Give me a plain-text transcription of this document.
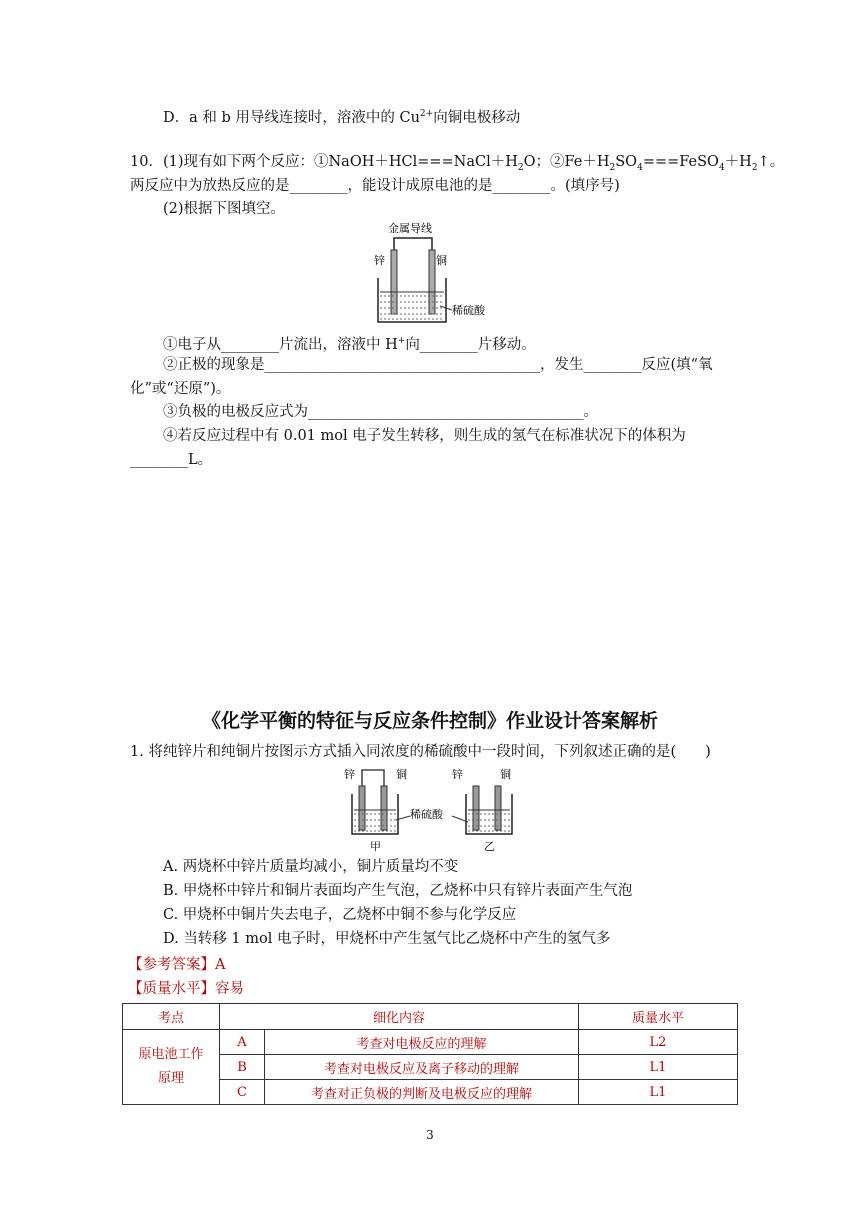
D．a 和 b 用导线连接时，溶液中的 $Cu^{2+}$向铜电极移动
10．(1)现有如下两个反应：$①NaOH+HCl===NaCl+H_2O$；$②Fe+H_2SO_4===FeSO_4+H_2↑$。
两反应中为放热反应的是________，能设计成原电池的是________。(填序号)
(2)根据下图填空。
金属导线
锌	铜
稀硫酸
①电子从________片流出，溶液中 H+向________片移动。
②正极的现象是______________________________________，发生________反应(填“氧
化”或“还原”)。
③负极的电极反应式为______________________________________。
④若反应过程中有 0.01 mol 电子发生转移，则生成的氢气在标准状况下的体积为
________L。
《化学平衡的特征与反应条件控制》作业设计答案解析
1. 将纯锌片和纯铜片按图示方式插入同浓度的稀硫酸中一段时间，下列叙述正确的是(　　)
锌	铜
稀硫酸
锌	铜
甲	乙
A. 两烧杯中锌片质量均减小，铜片质量均不变
B. 甲烧杯中锌片和铜片表面均产生气泡，乙烧杯中只有锌片表面产生气泡
C. 甲烧杯中铜片失去电子，乙烧杯中铜不参与化学反应
D. 当转移 1 mol 电子时，甲烧杯中产生氢气比乙烧杯中产生的氢气多
【参考答案】A
【质量水平】容易
考点	细化内容		质量水平
原电池工作
原理	A	考查对电极反应的理解	L2
	B	考查对电极反应及离子移动的理解	L1
	C	考查对正负极的判断及电极反应的理解	L1
3
